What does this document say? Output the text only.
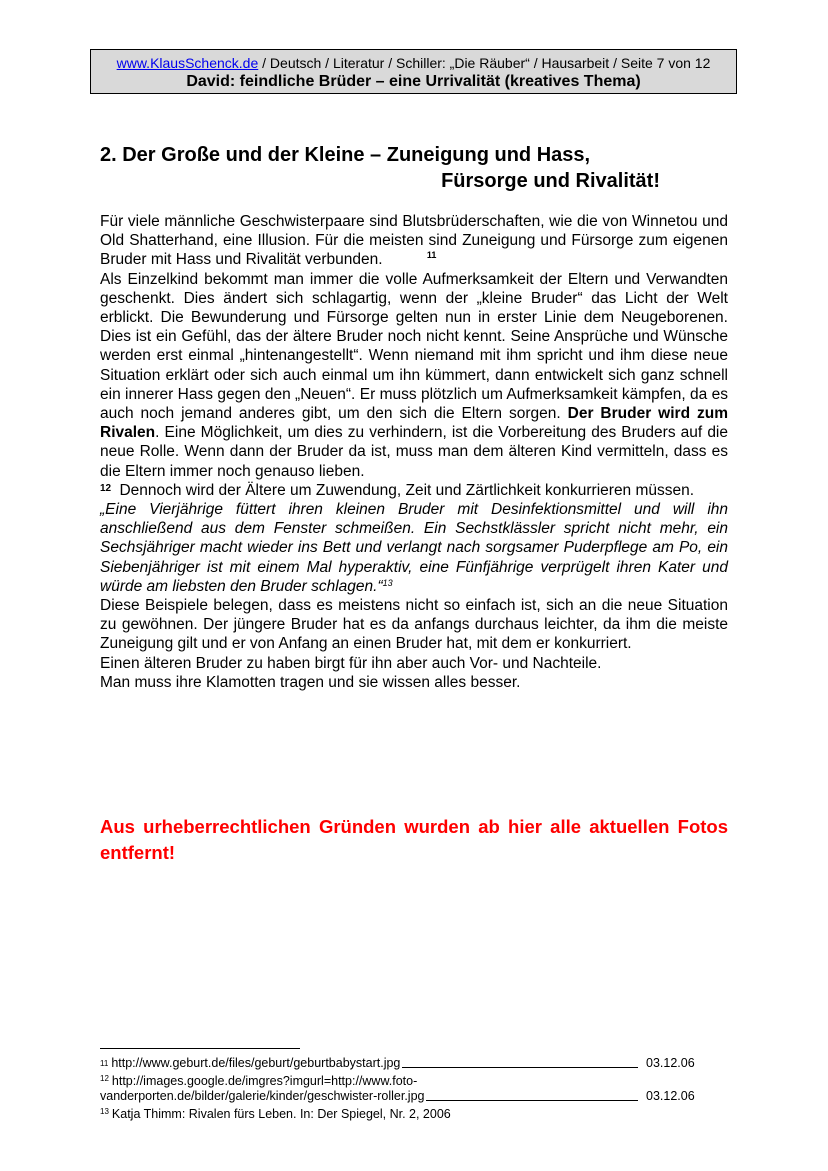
www.KlausSchenck.de / Deutsch / Literatur / Schiller: „Die Räuber“ / Hausarbeit / Seite 7 von 12
David: feindliche Brüder – eine Urrivalität (kreatives Thema)
2. Der Große und der Kleine – Zuneigung und Hass,
Fürsorge und Rivalität!

Für viele männliche Geschwisterpaare sind Blutsbrüderschaften, wie die von Winnetou und Old Shatterhand, eine Illusion. Für die meisten sind Zuneigung und Fürsorge zum eigenen Bruder mit Hass und Rivalität verbunden.	$^{11}$

Als Einzelkind bekommt man immer die volle Aufmerksamkeit der Eltern und Verwandten geschenkt. Dies ändert sich schlagartig, wenn der „kleine Bruder“ das Licht der Welt erblickt. Die Bewunderung und Fürsorge gelten nun in erster Linie dem Neugeborenen. Dies ist ein Gefühl, das der ältere Bruder noch nicht kennt. Seine Ansprüche und Wünsche werden erst einmal „hintenangestellt“. Wenn niemand mit ihm spricht und ihm diese neue Situation erklärt oder sich auch einmal um ihn kümmert, dann entwickelt sich ganz schnell ein innerer Hass gegen den „Neuen“. Er muss plötzlich um Aufmerksamkeit kämpfen, da es auch noch jemand anderes gibt, um den sich die Eltern sorgen. Der Bruder wird zum Rivalen. Eine Möglichkeit, um dies zu verhindern, ist die Vorbereitung des Bruders auf die neue Rolle. Wenn dann der Bruder da ist, muss man dem älteren Kind vermitteln, dass es die Eltern immer noch genauso lieben.

$^{12}$ Dennoch wird der Ältere um Zuwendung, Zeit und Zärtlichkeit konkurrieren müssen.

„Eine Vierjährige füttert ihren kleinen Bruder mit Desinfektionsmittel und will ihn anschließend aus dem Fenster schmeißen. Ein Sechstklässler spricht nicht mehr, ein Sechsjähriger macht wieder ins Bett und verlangt nach sorgsamer Puderpflege am Po, ein Siebenjähriger ist mit einem Mal hyperaktiv, eine Fünfjährige verprügelt ihren Kater und würde am liebsten den Bruder schlagen.“$^{13}$

Diese Beispiele belegen, dass es meistens nicht so einfach ist, sich an die neue Situation zu gewöhnen. Der jüngere Bruder hat es da anfangs durchaus leichter, da ihm die meiste Zuneigung gilt und er von Anfang an einen Bruder hat, mit dem er konkurriert.

Einen älteren Bruder zu haben birgt für ihn aber auch Vor- und Nachteile.

Man muss ihre Klamotten tragen und sie wissen alles besser.

Aus urheberrechtlichen Gründen wurden ab hier alle aktuellen Fotos entfernt!

11 http://www.geburt.de/files/geburt/geburtbabystart.jpg	03.12.06
$^{12}$ http://images.google.de/imgres?imgurl=http://www.foto-
vanderporten.de/bilder/galerie/kinder/geschwister-roller.jpg	03.12.06
$^{13}$ Katja Thimm: Rivalen fürs Leben. In: Der Spiegel, Nr. 2, 2006
